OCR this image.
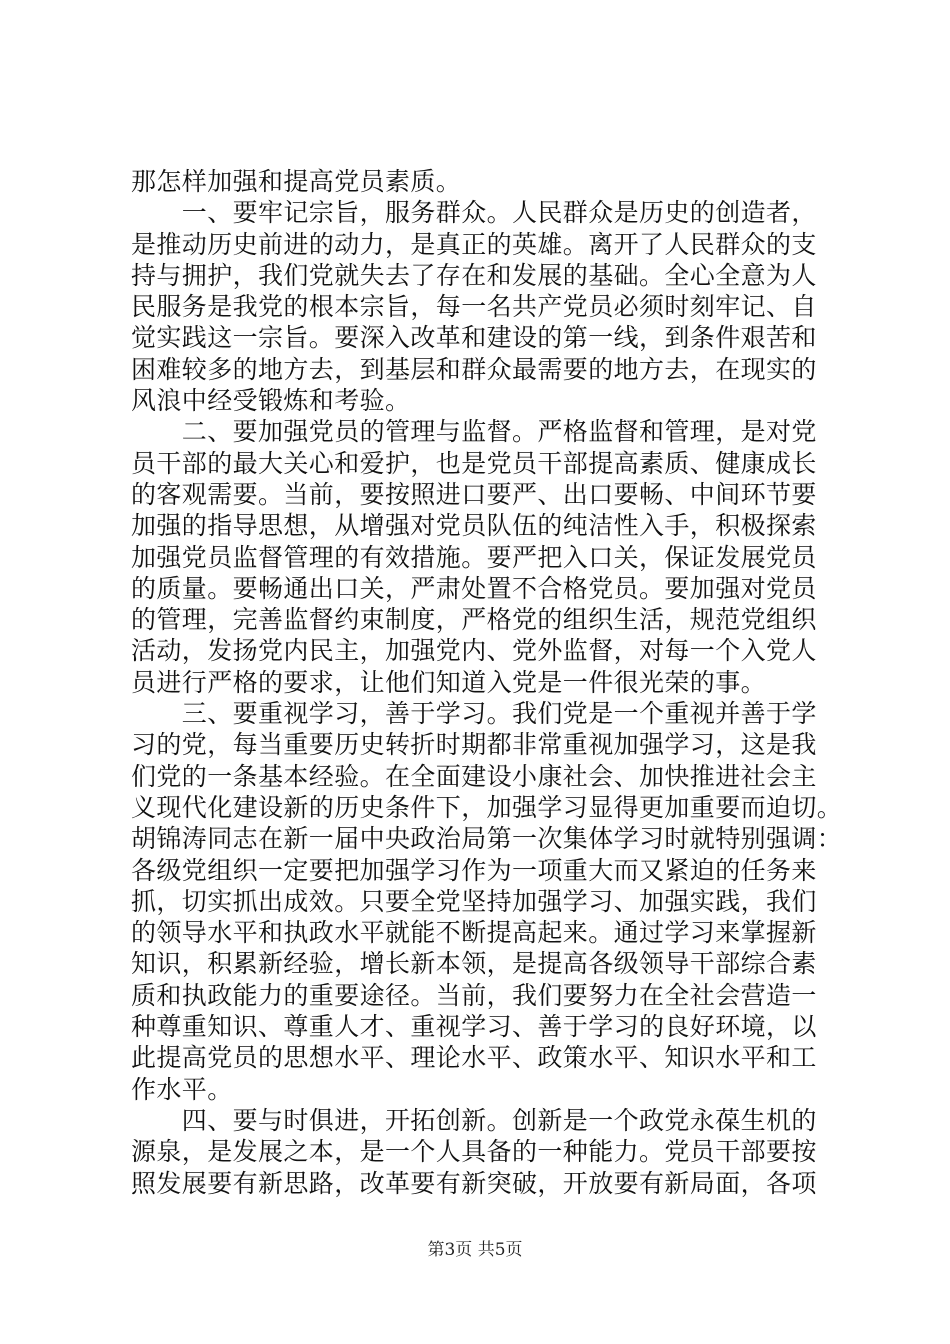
那怎样加强和提高党员素质。
　　一、要牢记宗旨，服务群众。人民群众是历史的创造者，
是推动历史前进的动力，是真正的英雄。离开了人民群众的支
持与拥护，我们党就失去了存在和发展的基础。全心全意为人
民服务是我党的根本宗旨，每一名共产党员必须时刻牢记、自
觉实践这一宗旨。要深入改革和建设的第一线，到条件艰苦和
困难较多的地方去，到基层和群众最需要的地方去，在现实的
风浪中经受锻炼和考验。
　　二、要加强党员的管理与监督。严格监督和管理，是对党
员干部的最大关心和爱护，也是党员干部提高素质、健康成长
的客观需要。当前，要按照进口要严、出口要畅、中间环节要
加强的指导思想，从增强对党员队伍的纯洁性入手，积极探索
加强党员监督管理的有效措施。要严把入口关，保证发展党员
的质量。要畅通出口关，严肃处置不合格党员。要加强对党员
的管理，完善监督约束制度，严格党的组织生活，规范党组织
活动，发扬党内民主，加强党内、党外监督，对每一个入党人
员进行严格的要求，让他们知道入党是一件很光荣的事。
　　三、要重视学习，善于学习。我们党是一个重视并善于学
习的党，每当重要历史转折时期都非常重视加强学习，这是我
们党的一条基本经验。在全面建设小康社会、加快推进社会主
义现代化建设新的历史条件下，加强学习显得更加重要而迫切。
胡锦涛同志在新一届中央政治局第一次集体学习时就特别强调：
各级党组织一定要把加强学习作为一项重大而又紧迫的任务来
抓，切实抓出成效。只要全党坚持加强学习、加强实践，我们
的领导水平和执政水平就能不断提高起来。通过学习来掌握新
知识，积累新经验，增长新本领，是提高各级领导干部综合素
质和执政能力的重要途径。当前，我们要努力在全社会营造一
种尊重知识、尊重人才、重视学习、善于学习的良好环境，以
此提高党员的思想水平、理论水平、政策水平、知识水平和工
作水平。
　　四、要与时俱进，开拓创新。创新是一个政党永葆生机的
源泉，是发展之本，是一个人具备的一种能力。党员干部要按
照发展要有新思路，改革要有新突破，开放要有新局面，各项
第3页 共5页
